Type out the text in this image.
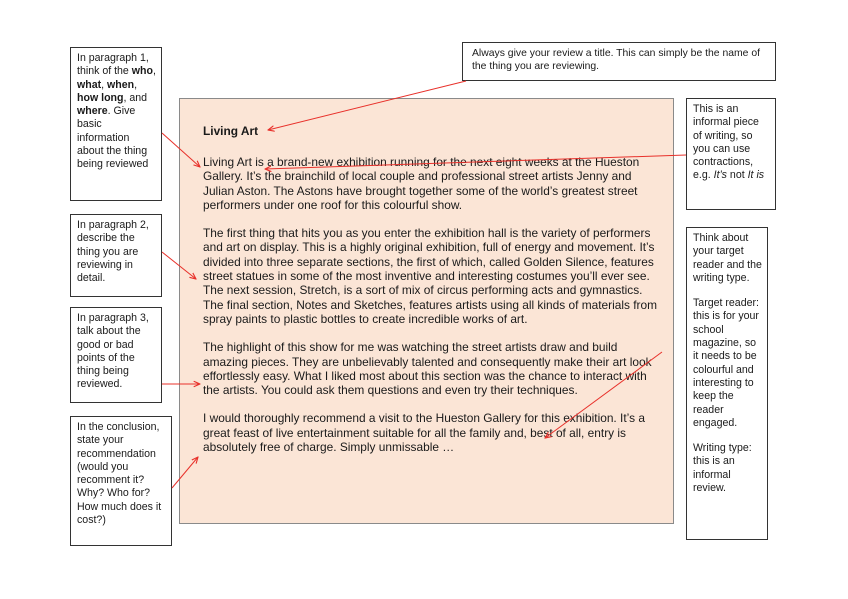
Always give your review a title. This can simply be the name of the thing you are reviewing.
In paragraph 1, think of the who, what, when, how long, and where. Give basic information about the thing being reviewed
In paragraph 2, describe the thing you are reviewing in detail.
In paragraph 3, talk about the good or bad points of the thing being reviewed.
In the conclusion, state your recommendation (would you recomment it? Why? Who for? How much does it cost?)
This is an informal piece of writing, so you can use contractions, e.g. It’s not It is

Think about your target reader and the writing type.

Target reader: this is for your school magazine, so it needs to be colourful and interesting to keep the reader engaged.

Writing type: this is an informal review.

Living Art

Living Art is a brand-new exhibition running for the next eight weeks at the Hueston Gallery. It’s the brainchild of local couple and professional street artists Jenny and Julian Aston. The Astons have brought together some of the world’s greatest street performers under one roof for this colourful show.

The first thing that hits you as you enter the exhibition hall is the variety of performers and art on display. This is a highly original exhibition, full of energy and movement. It’s divided into three separate sections, the first of which, called Golden Silence, features street statues in some of the most inventive and interesting costumes you’ll ever see. The next session, Stretch, is a sort of mix of circus performing acts and gymnastics. The final section, Notes and Sketches, features artists using all kinds of materials from spray paints to plastic bottles to create incredible works of art.

The highlight of this show for me was watching the street artists draw and build amazing pieces. They are unbelievably talented and consequently make their art look effortlessly easy. What I liked most about this section was the chance to interact with the artists. You could ask them questions and even try their techniques.

I would thoroughly recommend a visit to the Hueston Gallery for this exhibition. It’s a great feast of live entertainment suitable for all the family and, best of all, entry is absolutely free of charge. Simply unmissable …
